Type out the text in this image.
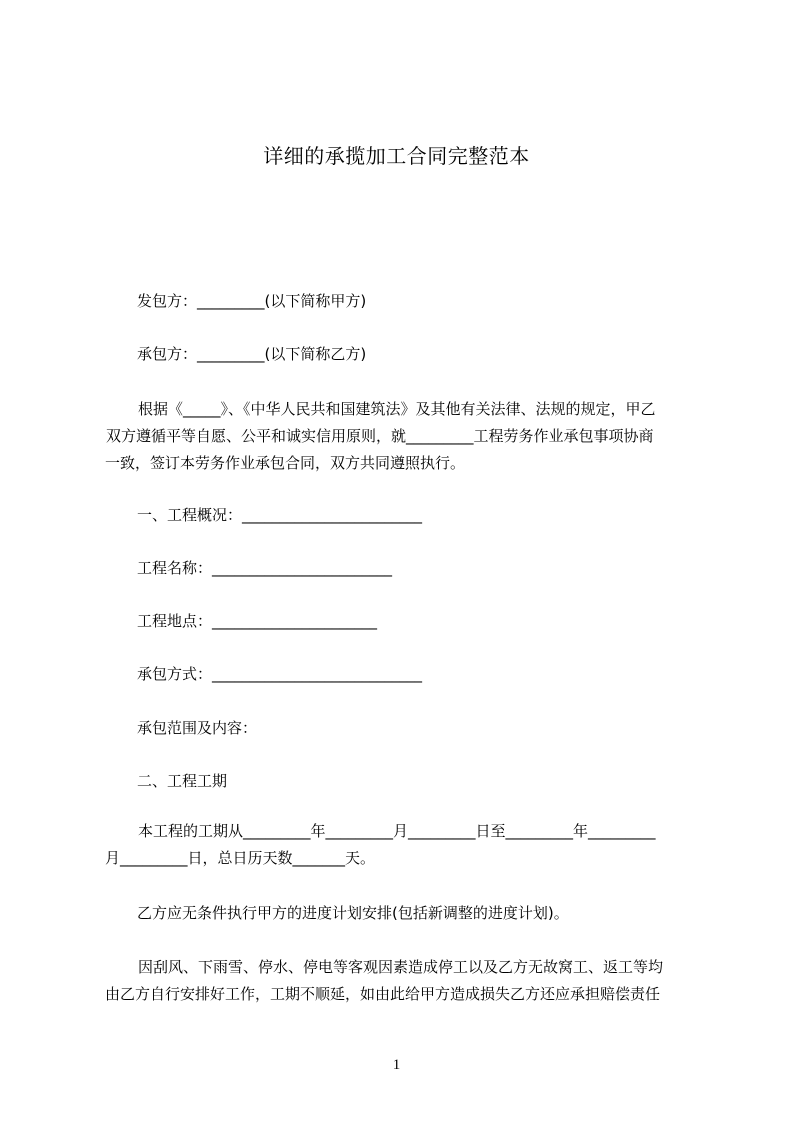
详细的承揽加工合同完整范本
发包方：_________(以下简称甲方)
承包方：_________(以下简称乙方)
根据《_____》、《中华人民共和国建筑法》及其他有关法律、法规的规定，甲乙
双方遵循平等自愿、公平和诚实信用原则，就_________工程劳务作业承包事项协商
一致，签订本劳务作业承包合同，双方共同遵照执行。
一、工程概况：________________________
工程名称：________________________
工程地点：______________________
承包方式：____________________________
承包范围及内容：
二、工程工期
本工程的工期从_________年_________月_________日至_________年_________
月_________日，总日历天数_______天。
乙方应无条件执行甲方的进度计划安排(包括新调整的进度计划)。
因刮风、下雨雪、停水、停电等客观因素造成停工以及乙方无故窝工、返工等均
由乙方自行安排好工作，工期不顺延，如由此给甲方造成损失乙方还应承担赔偿责任
1
